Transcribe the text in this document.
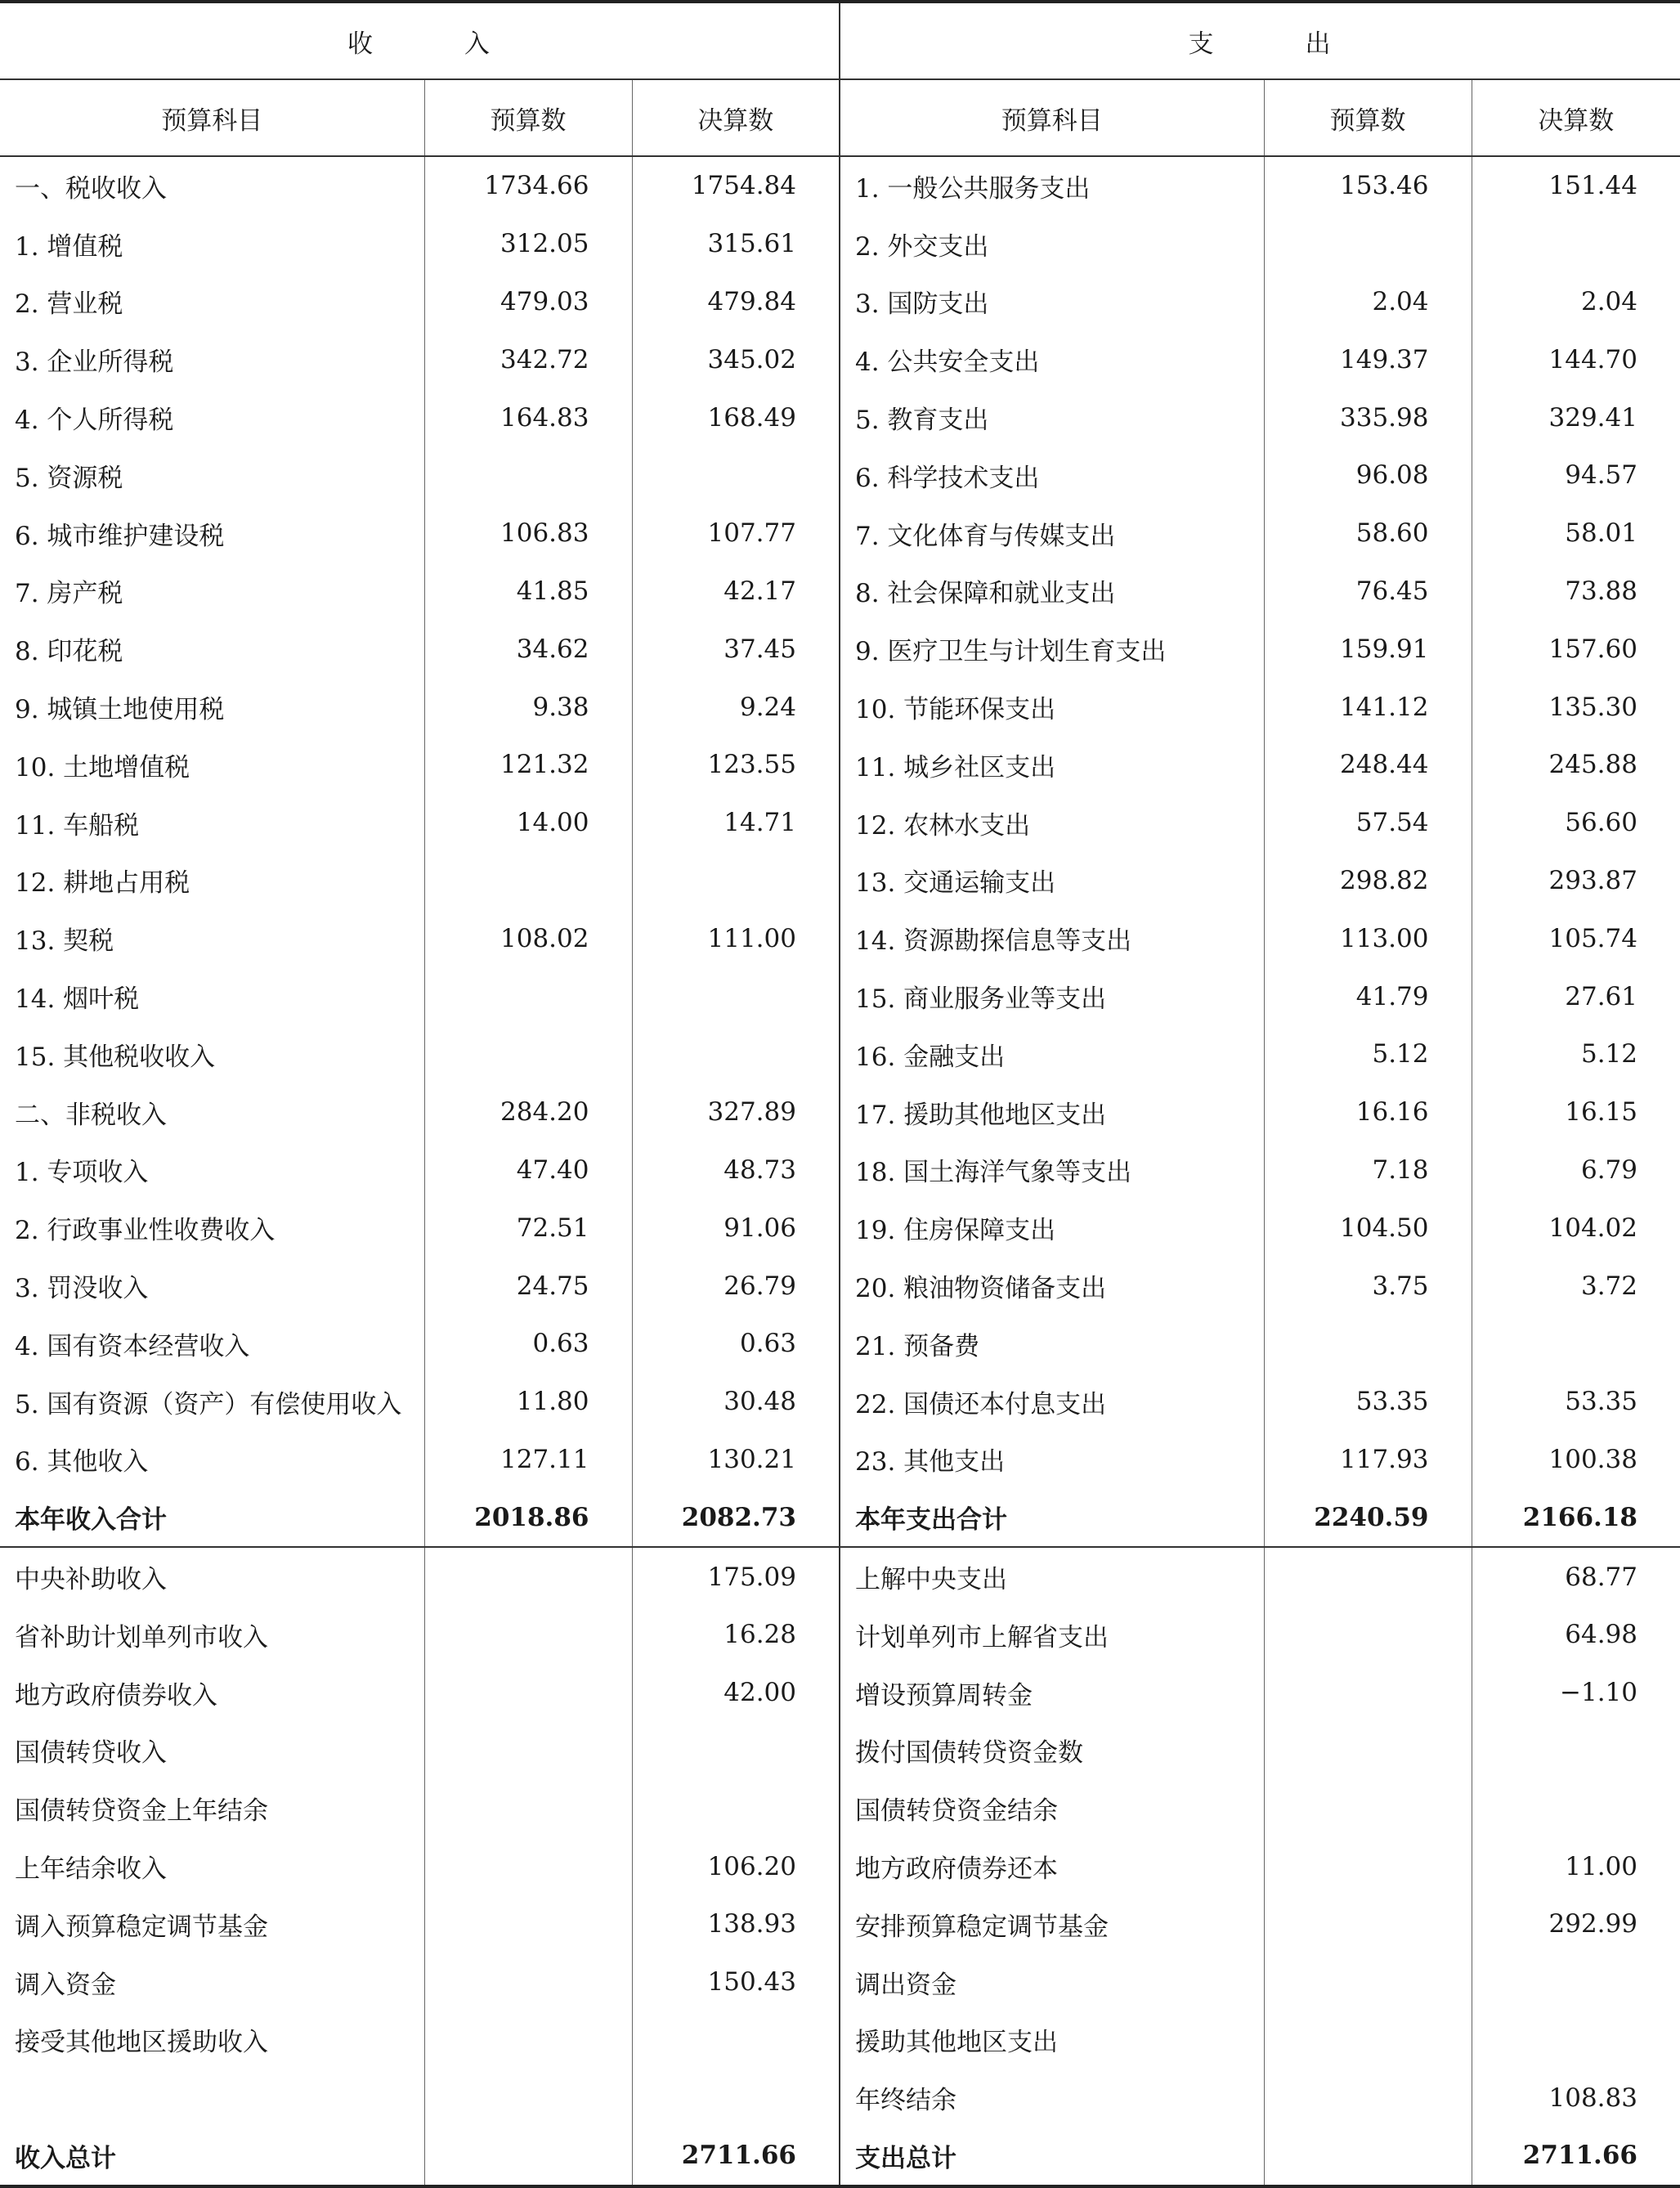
收 入			支 出		
预算科目	预算数	决算数	预算科目	预算数	决算数
一、税收收入	1734.66	1754.84	1. 一般公共服务支出	153.46	151.44
1. 增值税	312.05	315.61	2. 外交支出		
2. 营业税	479.03	479.84	3. 国防支出	2.04	2.04
3. 企业所得税	342.72	345.02	4. 公共安全支出	149.37	144.70
4. 个人所得税	164.83	168.49	5. 教育支出	335.98	329.41
5. 资源税			6. 科学技术支出	96.08	94.57
6. 城市维护建设税	106.83	107.77	7. 文化体育与传媒支出	58.60	58.01
7. 房产税	41.85	42.17	8. 社会保障和就业支出	76.45	73.88
8. 印花税	34.62	37.45	9. 医疗卫生与计划生育支出	159.91	157.60
9. 城镇土地使用税	9.38	9.24	10. 节能环保支出	141.12	135.30
10. 土地增值税	121.32	123.55	11. 城乡社区支出	248.44	245.88
11. 车船税	14.00	14.71	12. 农林水支出	57.54	56.60
12. 耕地占用税			13. 交通运输支出	298.82	293.87
13. 契税	108.02	111.00	14. 资源勘探信息等支出	113.00	105.74
14. 烟叶税			15. 商业服务业等支出	41.79	27.61
15. 其他税收收入			16. 金融支出	5.12	5.12
二、非税收入	284.20	327.89	17. 援助其他地区支出	16.16	16.15
1. 专项收入	47.40	48.73	18. 国土海洋气象等支出	7.18	6.79
2. 行政事业性收费收入	72.51	91.06	19. 住房保障支出	104.50	104.02
3. 罚没收入	24.75	26.79	20. 粮油物资储备支出	3.75	3.72
4. 国有资本经营收入	0.63	0.63	21. 预备费		
5. 国有资源（资产）有偿使用收入	11.80	30.48	22. 国债还本付息支出	53.35	53.35
6. 其他收入	127.11	130.21	23. 其他支出	117.93	100.38
本年收入合计	2018.86	2082.73	本年支出合计	2240.59	2166.18
中央补助收入		175.09	上解中央支出		68.77
省补助计划单列市收入		16.28	计划单列市上解省支出		64.98
地方政府债券收入		42.00	增设预算周转金		−1.10
国债转贷收入			拨付国债转贷资金数		
国债转贷资金上年结余			国债转贷资金结余		
上年结余收入		106.20	地方政府债券还本		11.00
调入预算稳定调节基金		138.93	安排预算稳定调节基金		292.99
调入资金		150.43	调出资金		
接受其他地区援助收入			援助其他地区支出		
			年终结余		108.83
收入总计		2711.66	支出总计		2711.66
